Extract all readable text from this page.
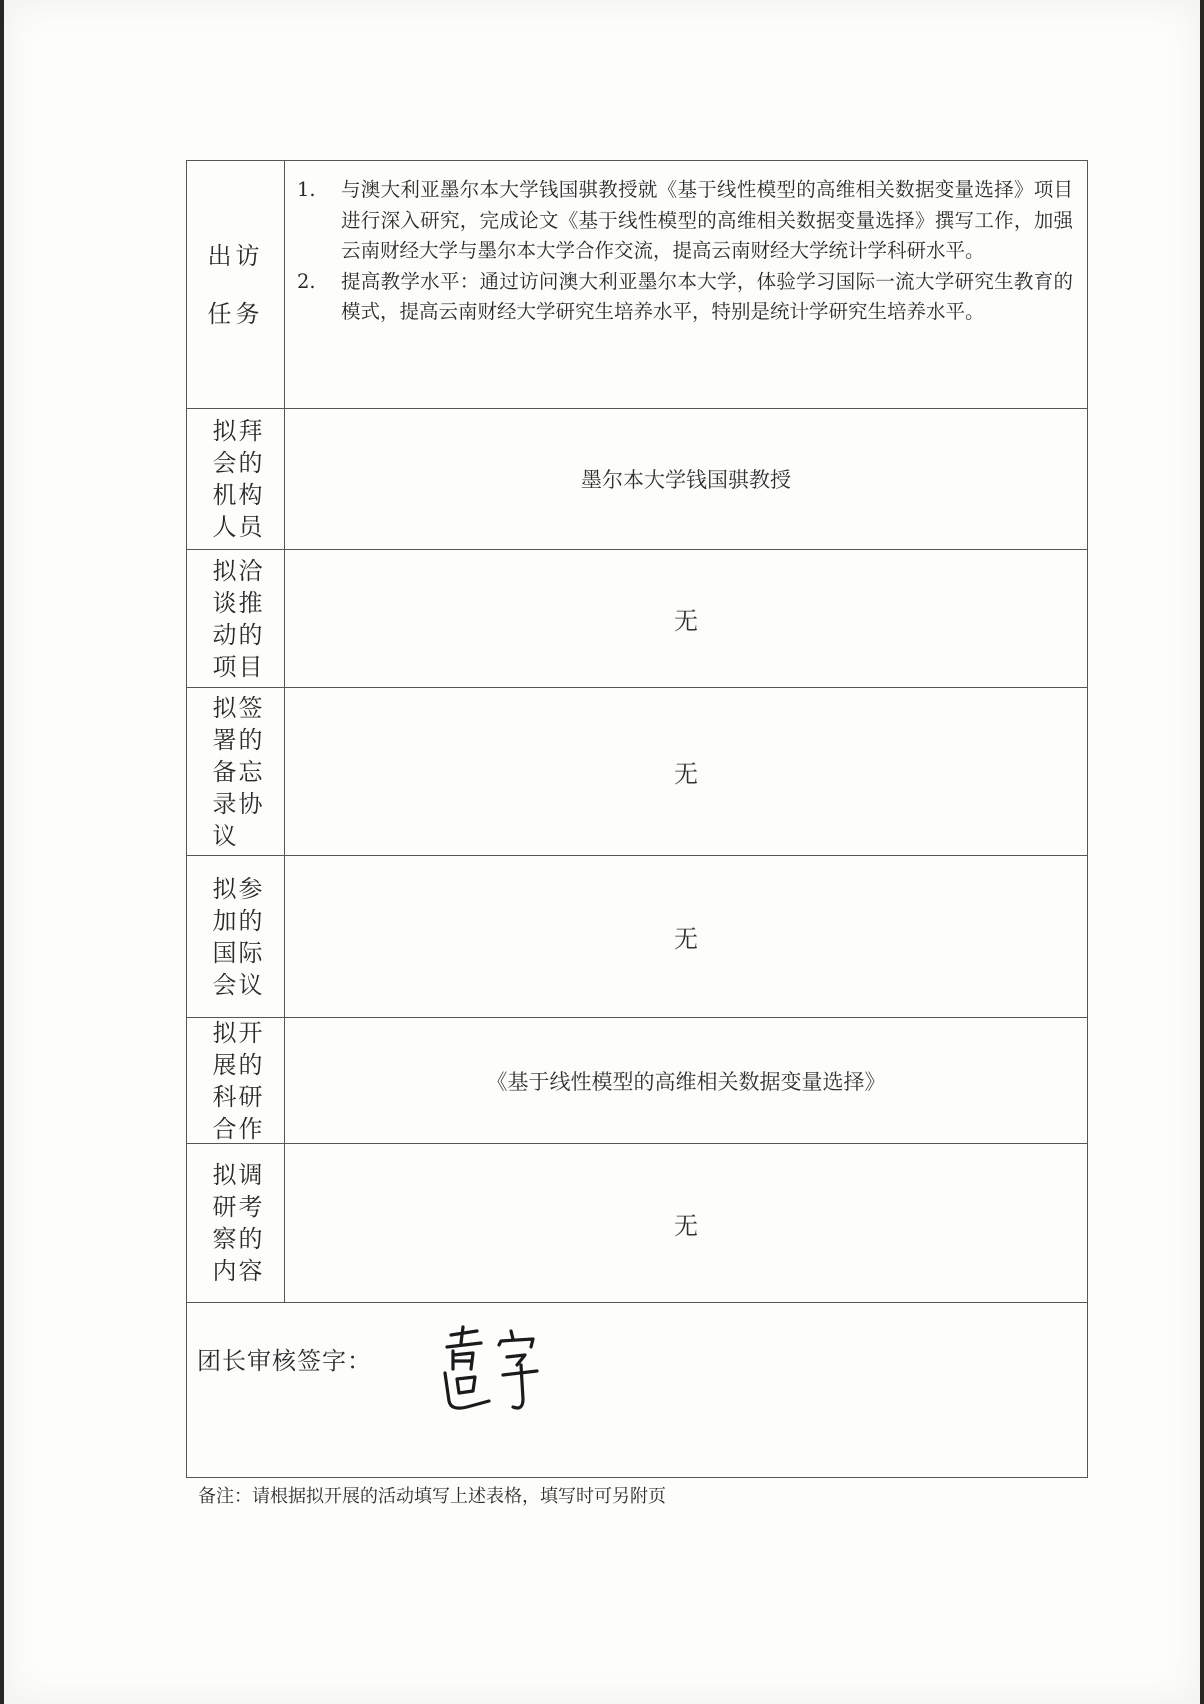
出访任务
1. 与澳大利亚墨尔本大学钱国骐教授就《基于线性模型的高维相关数据变量选择》项目进行深入研究，完成论文《基于线性模型的高维相关数据变量选择》撰写工作，加强云南财经大学与墨尔本大学合作交流，提高云南财经大学统计学科研水平。
2. 提高教学水平：通过访问澳大利亚墨尔本大学，体验学习国际一流大学研究生教育的模式，提高云南财经大学研究生培养水平，特别是统计学研究生培养水平。
拟拜会的机构人员
墨尔本大学钱国骐教授
拟洽谈推动的项目
无
拟签署的备忘录协议
无
拟参加的国际会议
无
拟开展的科研合作
《基于线性模型的高维相关数据变量选择》
拟调研考察的内容
无
团长审核签字：
备注：请根据拟开展的活动填写上述表格，填写时可另附页
